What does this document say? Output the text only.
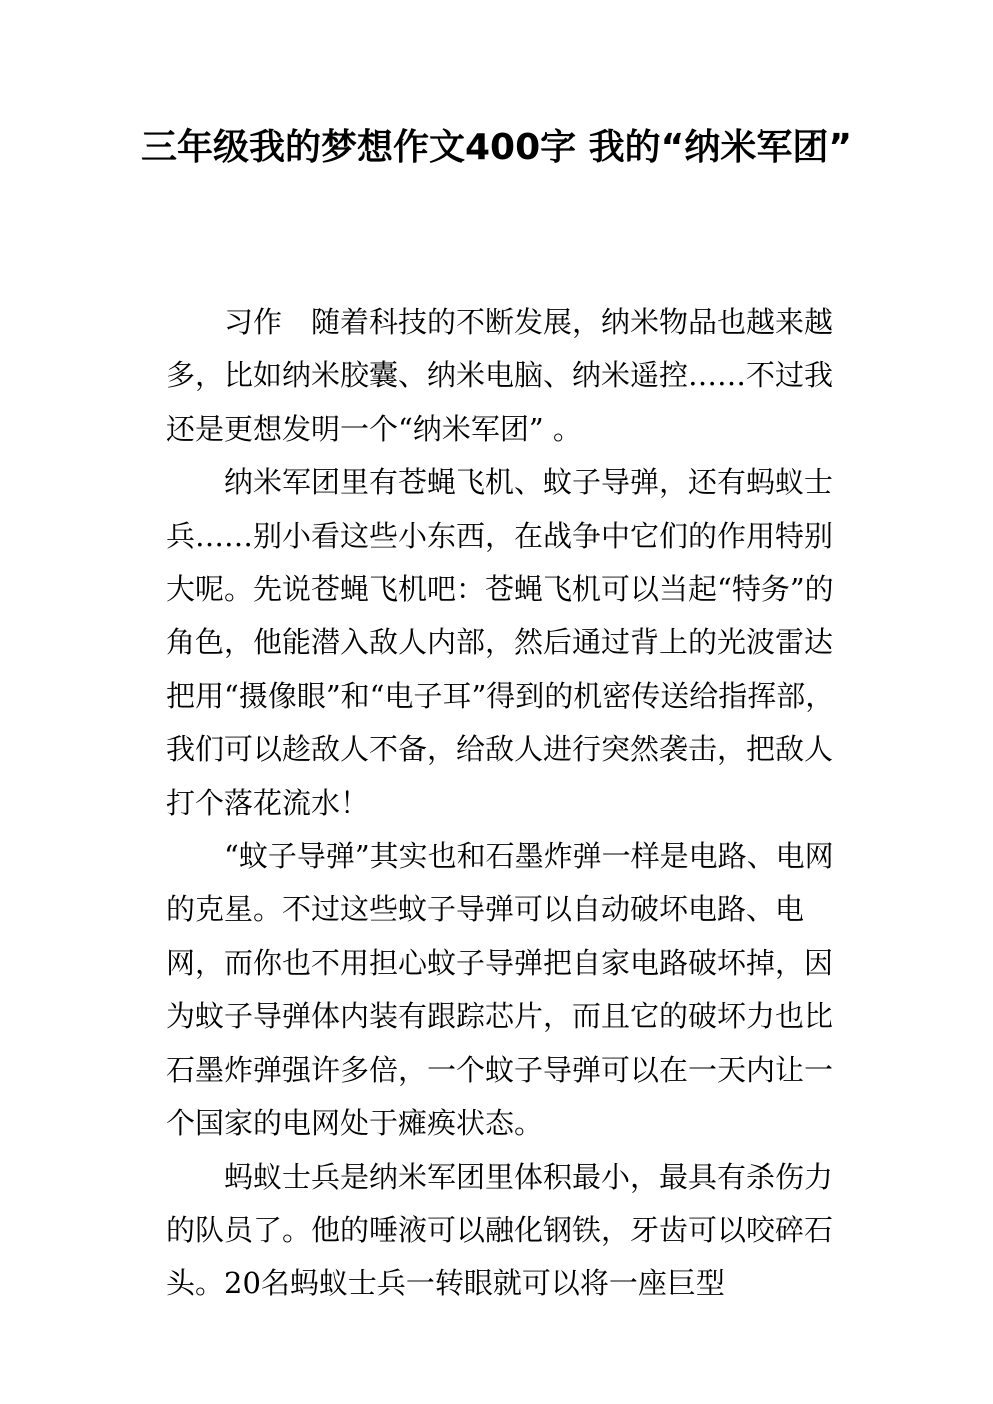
三年级我的梦想作文400字 我的“纳米军团”

习作　随着科技的不断发展，纳米物品也越来越多，比如纳米胶囊、纳米电脑、纳米遥控……不过我还是更想发明一个“纳米军团” 。

纳米军团里有苍蝇飞机、蚊子导弹，还有蚂蚁士兵……别小看这些小东西，在战争中它们的作用特别大呢。先说苍蝇飞机吧：苍蝇飞机可以当起“特务”的角色，他能潜入敌人内部，然后通过背上的光波雷达把用“摄像眼”和“电子耳”得到的机密传送给指挥部，我们可以趁敌人不备，给敌人进行突然袭击，把敌人打个落花流水！

“蚊子导弹”其实也和石墨炸弹一样是电路、电网的克星。不过这些蚊子导弹可以自动破坏电路、电网，而你也不用担心蚊子导弹把自家电路破坏掉，因为蚊子导弹体内装有跟踪芯片，而且它的破坏力也比石墨炸弹强许多倍，一个蚊子导弹可以在一天内让一个国家的电网处于瘫痪状态。

蚂蚁士兵是纳米军团里体积最小，最具有杀伤力的队员了。他的唾液可以融化钢铁，牙齿可以咬碎石头。20名蚂蚁士兵一转眼就可以将一座巨型
